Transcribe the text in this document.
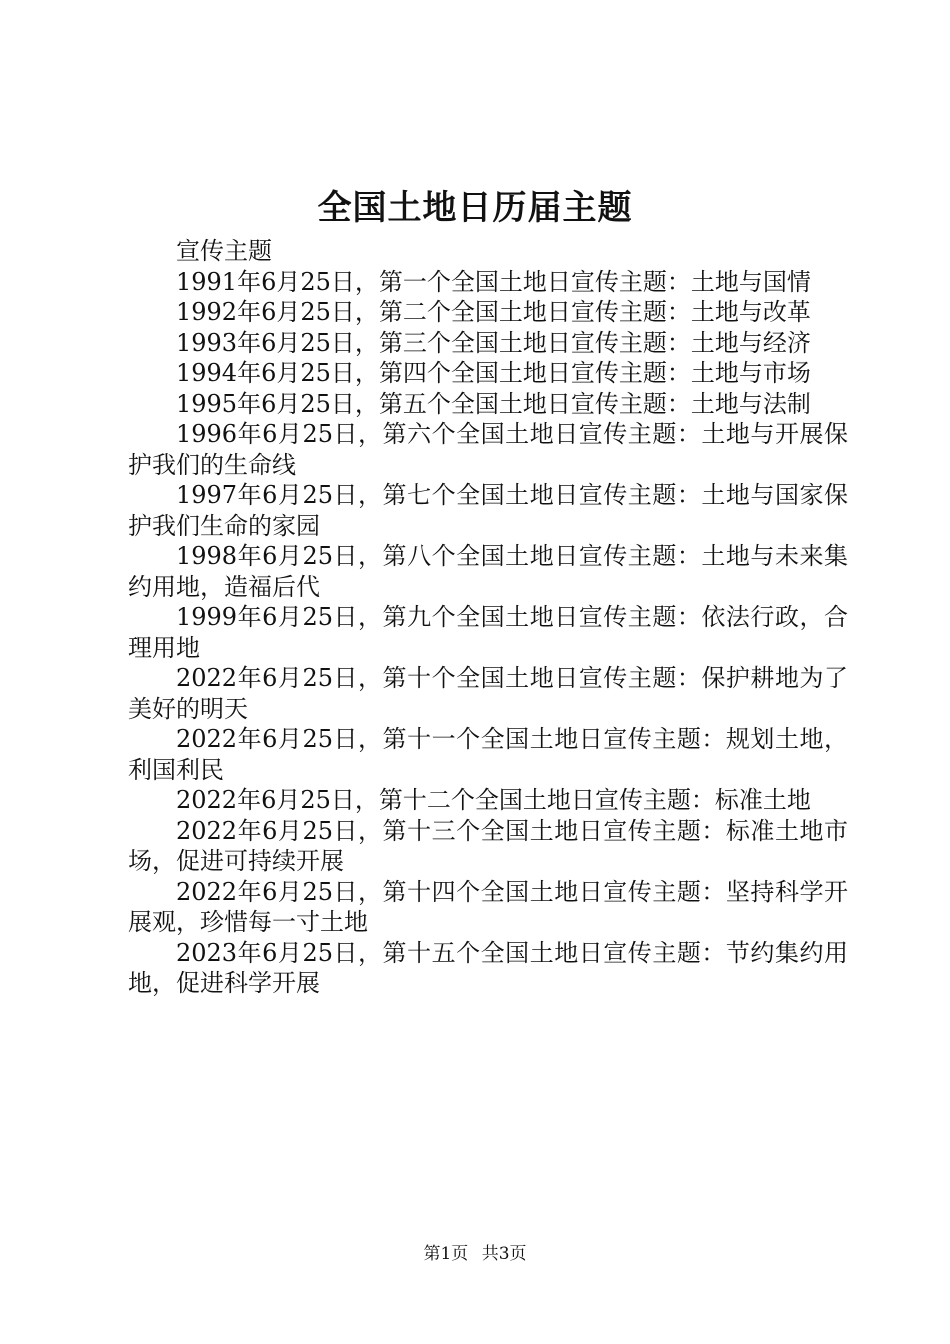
全国土地日历届主题

宣传主题

1991年6月25日，第一个全国土地日宣传主题：土地与国情

1992年6月25日，第二个全国土地日宣传主题：土地与改革

1993年6月25日，第三个全国土地日宣传主题：土地与经济

1994年6月25日，第四个全国土地日宣传主题：土地与市场

1995年6月25日，第五个全国土地日宣传主题：土地与法制

1996年6月25日，第六个全国土地日宣传主题：土地与开展保护我们的生命线

1997年6月25日，第七个全国土地日宣传主题：土地与国家保护我们生命的家园

1998年6月25日，第八个全国土地日宣传主题：土地与未来集约用地，造福后代

1999年6月25日，第九个全国土地日宣传主题：依法行政，合理用地

2022年6月25日，第十个全国土地日宣传主题：保护耕地为了美好的明天

2022年6月25日，第十一个全国土地日宣传主题：规划土地，利国利民

2022年6月25日，第十二个全国土地日宣传主题：标准土地

2022年6月25日，第十三个全国土地日宣传主题：标准土地市场，促进可持续开展

2022年6月25日，第十四个全国土地日宣传主题：坚持科学开展观，珍惜每一寸土地

2023年6月25日，第十五个全国土地日宣传主题：节约集约用地，促进科学开展

第1页 共3页
